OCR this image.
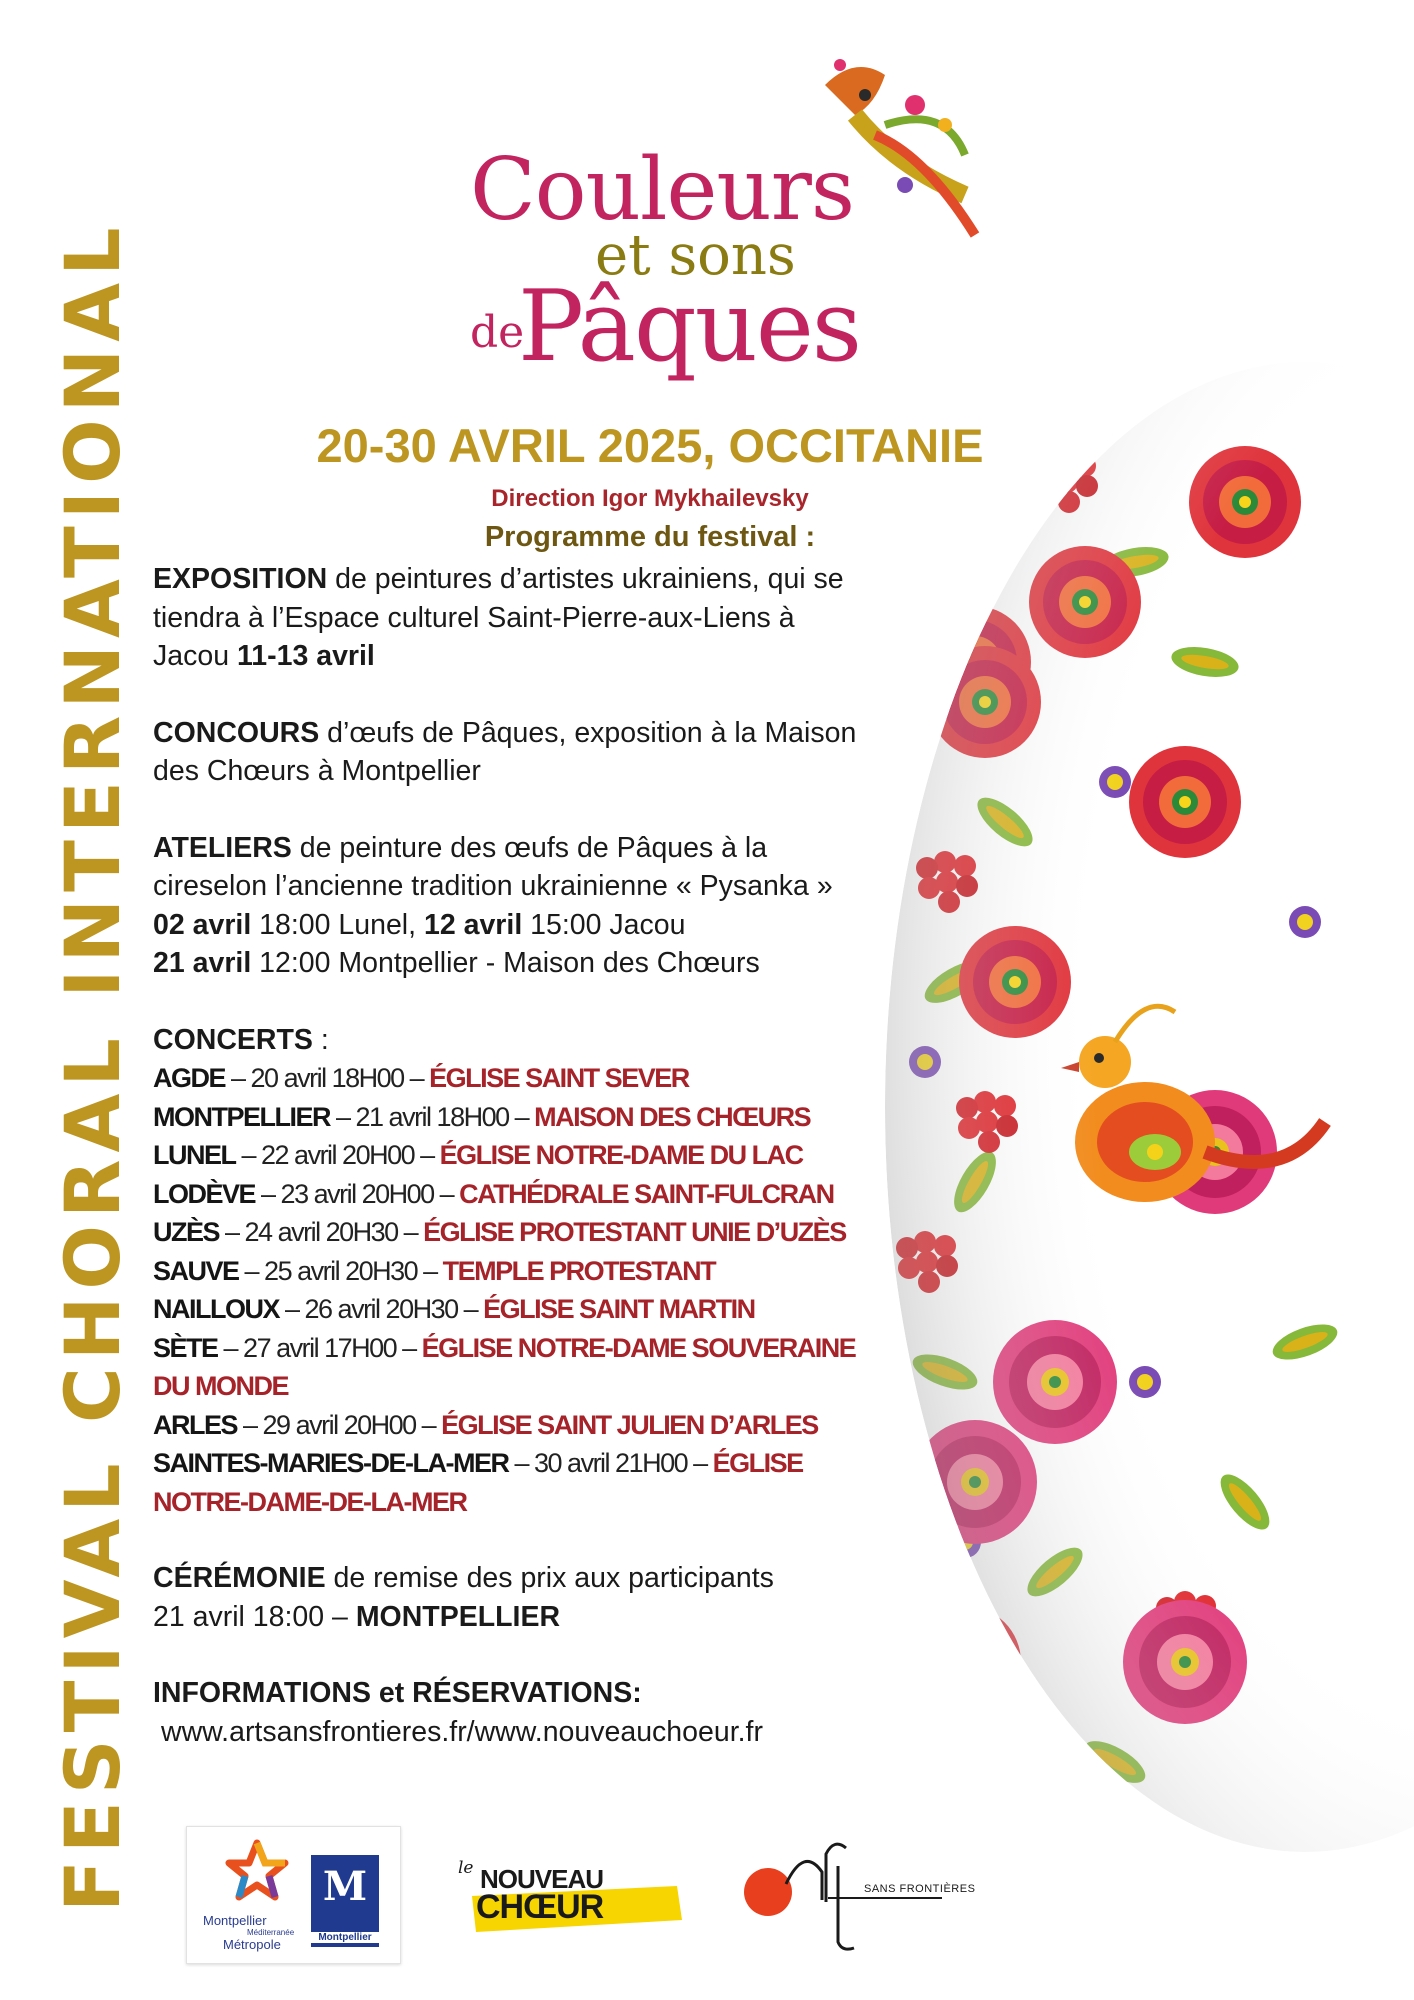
FESTIVAL CHORAL INTERNATIONAL
Couleurs
et sons
de
Pâques
20-30 AVRIL 2025, OCCITANIE
Direction Igor Mykhailevsky
Programme du festival :

EXPOSITION de peintures d’artistes ukrainiens, qui se tiendra à l’Espace culturel Saint-Pierre-aux-Liens à Jacou 11-13 avril

CONCOURS d’œufs de Pâques, exposition à la Maison des Chœurs à Montpellier

ATELIERS de peinture des œufs de Pâques à la cireselon l’ancienne tradition ukrainienne « Pysanka »

02 avril 18:00 Lunel, 12 avril 15:00 Jacou

21 avril 12:00 Montpellier - Maison des Chœurs

CONCERTS :

AGDE – 20 avril 18H00 – ÉGLISE SAINT SEVER

MONTPELLIER – 21 avril 18H00 – MAISON DES CHŒURS

LUNEL – 22 avril 20H00 – ÉGLISE NOTRE-DAME DU LAC

LODÈVE – 23 avril 20H00 – CATHÉDRALE SAINT-FULCRAN

UZÈS – 24 avril 20H30 – ÉGLISE PROTESTANT UNIE D’UZÈS

SAUVE – 25 avril 20H30 – TEMPLE PROTESTANT

NAILLOUX – 26 avril 20H30 – ÉGLISE SAINT MARTIN

SÈTE – 27 avril 17H00 – ÉGLISE NOTRE-DAME SOUVERAINE DU MONDE

ARLES – 29 avril 20H00 – ÉGLISE SAINT JULIEN D’ARLES

SAINTES-MARIES-DE-LA-MER – 30 avril 21H00 – ÉGLISE NOTRE-DAME-DE-LA-MER

CÉRÉMONIE de remise des prix aux participants

21 avril 18:00 – MONTPELLIER

INFORMATIONS et RÉSERVATIONS:

www.artsansfrontieres.fr/www.nouveauchoeur.fr

Montpellier
Méditerranée
Métropole
M
Montpellier
le NOUVEAU
CHŒUR	SANS FRONTIÈRES
